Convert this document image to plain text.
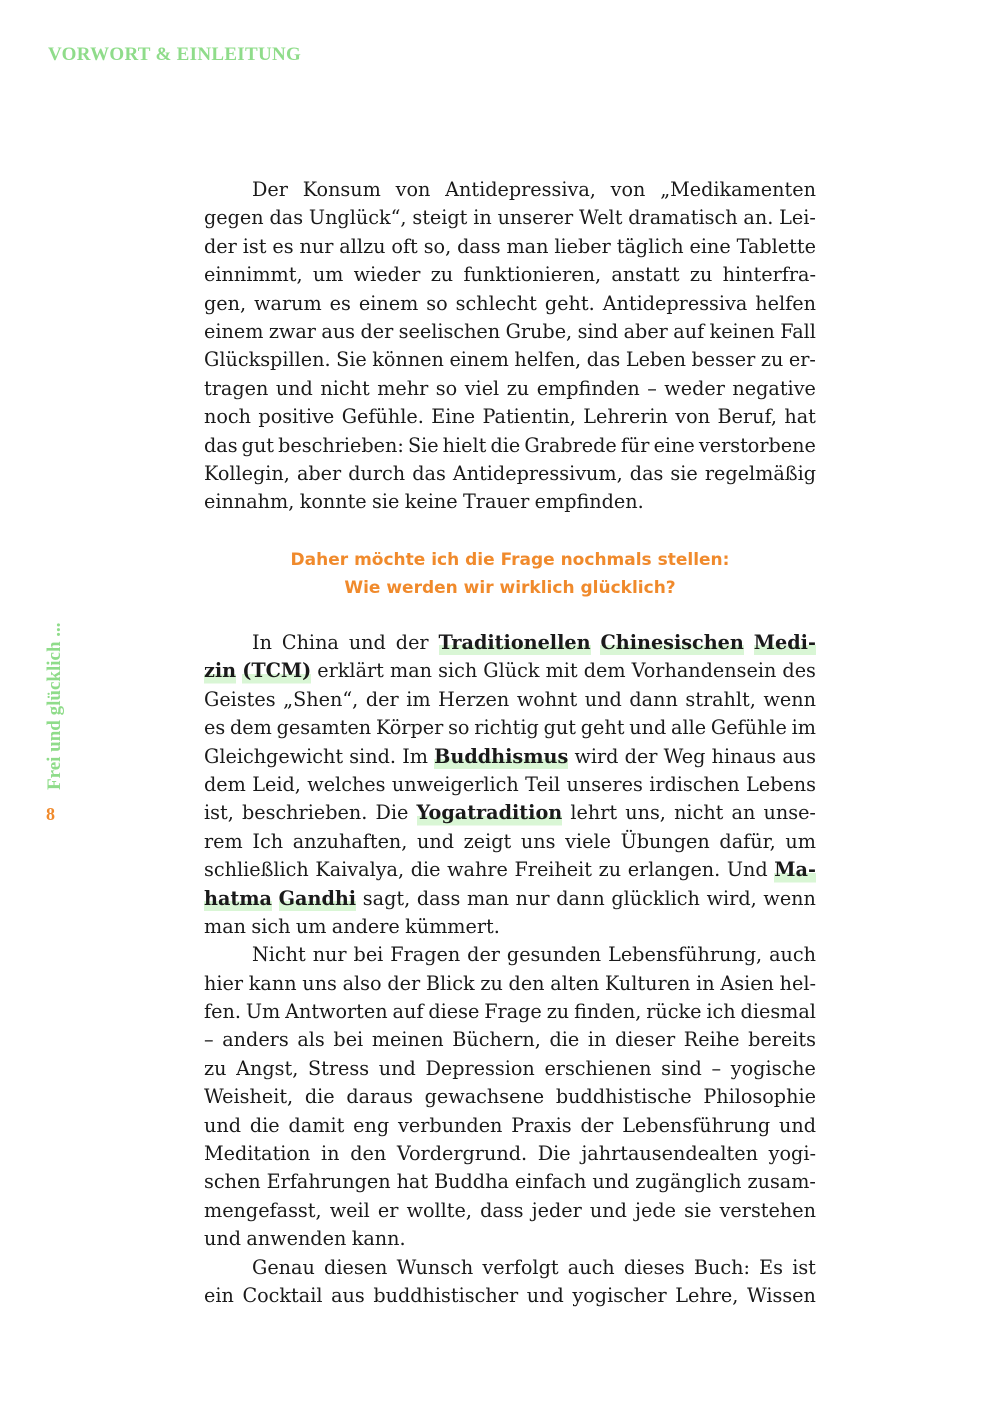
VORWORT & EINLEITUNG
Frei und glücklich ...
8
Der Konsum von Antidepressiva, von „Medikamenten
gegen das Unglück“, steigt in unserer Welt dramatisch an. Lei-
der ist es nur allzu oft so, dass man lieber täglich eine Tablette
einnimmt, um wieder zu funktionieren, anstatt zu hinterfra-
gen, warum es einem so schlecht geht. Antidepressiva helfen
einem zwar aus der seelischen Grube, sind aber auf keinen Fall
Glückspillen. Sie können einem helfen, das Leben besser zu er-
tragen und nicht mehr so viel zu empfinden – weder negative
noch positive Gefühle. Eine Patientin, Lehrerin von Beruf, hat
das gut beschrieben: Sie hielt die Grabrede für eine verstorbene
Kollegin, aber durch das Antidepressivum, das sie regelmäßig
einnahm, konnte sie keine Trauer empfinden.
Daher möchte ich die Frage nochmals stellen:
Wie werden wir wirklich glücklich?
In China und der Traditionellen Chinesischen Medi-
zin (TCM) erklärt man sich Glück mit dem Vorhandensein des
Geistes „Shen“, der im Herzen wohnt und dann strahlt, wenn
es dem gesamten Körper so richtig gut geht und alle Gefühle im
Gleichgewicht sind. Im Buddhismus wird der Weg hinaus aus
dem Leid, welches unweigerlich Teil unseres irdischen Lebens
ist, beschrieben. Die Yogatradition lehrt uns, nicht an unse-
rem Ich anzuhaften, und zeigt uns viele Übungen dafür, um
schließlich Kaivalya, die wahre Freiheit zu erlangen. Und Ma-
hatma Gandhi sagt, dass man nur dann glücklich wird, wenn
man sich um andere kümmert.
Nicht nur bei Fragen der gesunden Lebensführung, auch
hier kann uns also der Blick zu den alten Kulturen in Asien hel-
fen. Um Antworten auf diese Frage zu finden, rücke ich diesmal
– anders als bei meinen Büchern, die in dieser Reihe bereits
zu Angst, Stress und Depression erschienen sind – yogische
Weisheit, die daraus gewachsene buddhistische Philosophie
und die damit eng verbunden Praxis der Lebensführung und
Meditation in den Vordergrund. Die jahrtausendealten yogi-
schen Erfahrungen hat Buddha einfach und zugänglich zusam-
mengefasst, weil er wollte, dass jeder und jede sie verstehen
und anwenden kann.
Genau diesen Wunsch verfolgt auch dieses Buch: Es ist
ein Cocktail aus buddhistischer und yogischer Lehre, Wissen
